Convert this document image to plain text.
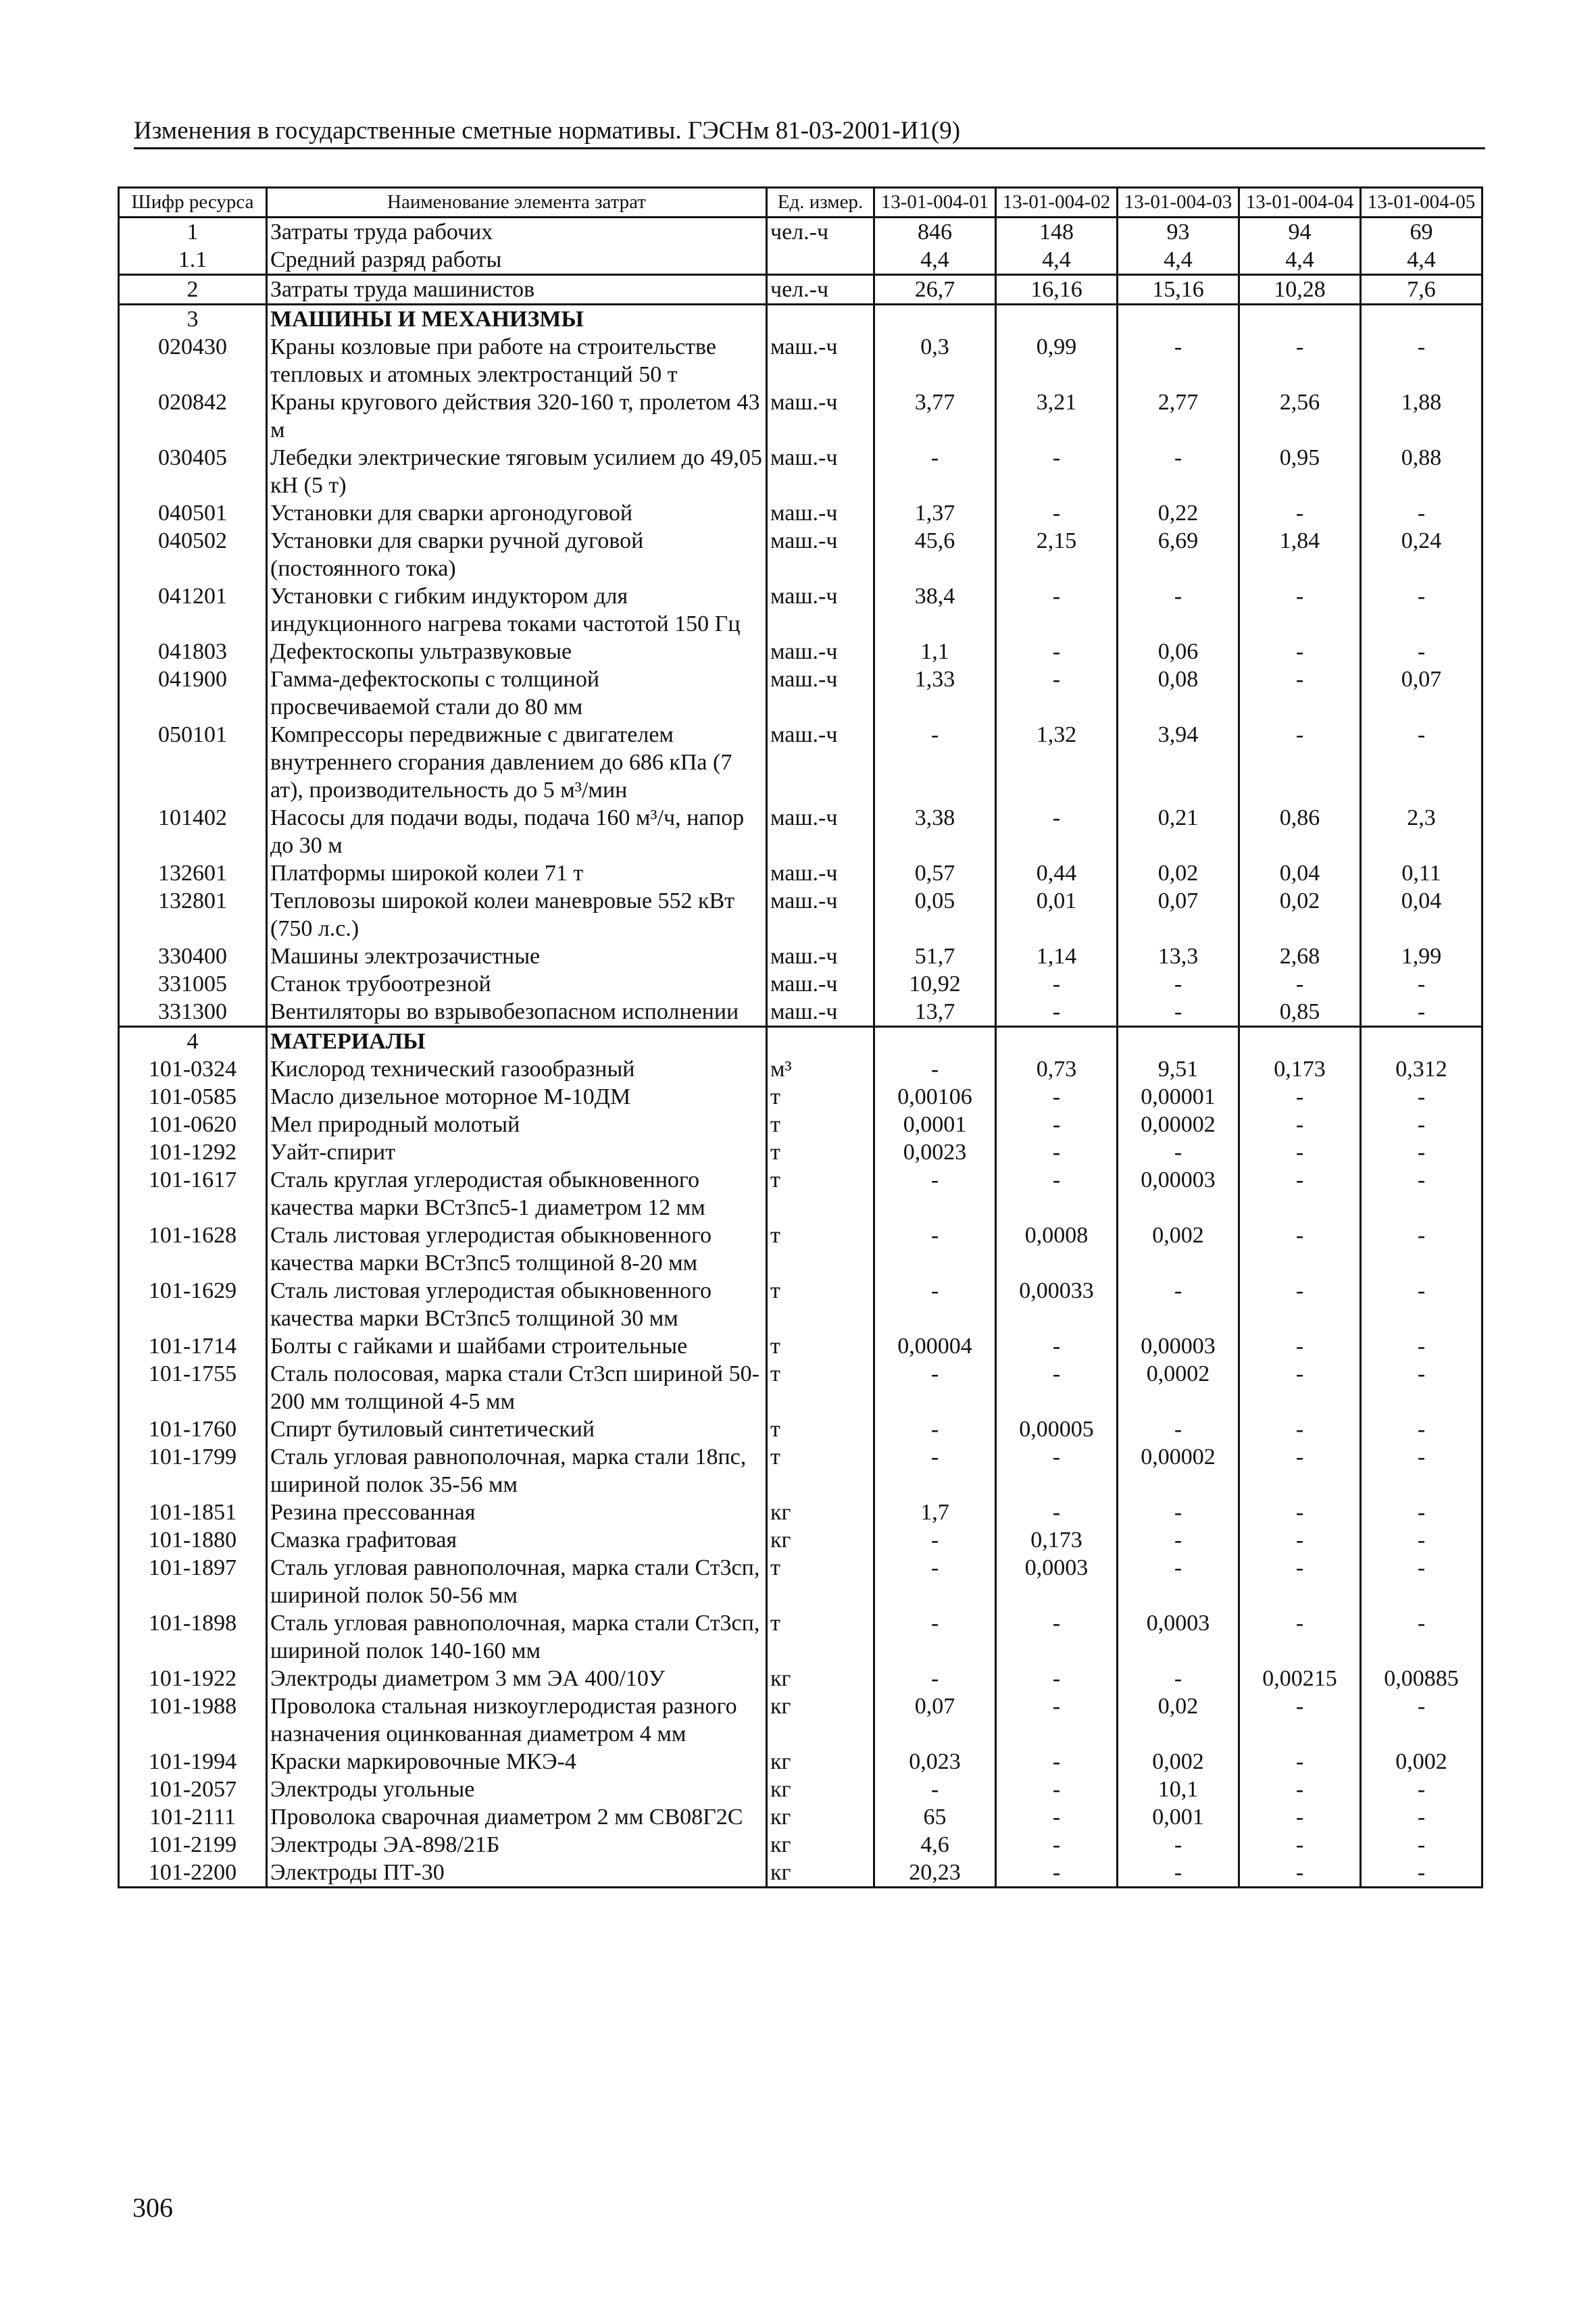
Изменения в государственные сметные нормативы. ГЭСНм 81-03-2001-И1(9)
Шифр ресурса	Наименование элемента затрат	Ед. измер.	13-01-004-01	13-01-004-02	13-01-004-03	13-01-004-04	13-01-004-05
1	Затраты труда рабочих	чел.-ч	846	148	93	94	69
1.1	Средний разряд работы		4,4	4,4	4,4	4,4	4,4
2	Затраты труда машинистов	чел.-ч	26,7	16,16	15,16	10,28	7,6
3	МАШИНЫ И МЕХАНИЗМЫ						
020430	Краны козловые при работе на строительстве тепловых и атомных электростанций 50 т	маш.-ч	0,3	0,99	-	-	-
020842	Краны кругового действия 320-160 т, пролетом 43 м	маш.-ч	3,77	3,21	2,77	2,56	1,88
030405	Лебедки электрические тяговым усилием до 49,05 кН (5 т)	маш.-ч	-	-	-	0,95	0,88
040501	Установки для сварки аргонодуговой	маш.-ч	1,37	-	0,22	-	-
040502	Установки для сварки ручной дуговой (постоянного тока)	маш.-ч	45,6	2,15	6,69	1,84	0,24
041201	Установки с гибким индуктором для индукционного нагрева токами частотой 150 Гц	маш.-ч	38,4	-	-	-	-
041803	Дефектоскопы ультразвуковые	маш.-ч	1,1	-	0,06	-	-
041900	Гамма-дефектоскопы с толщиной просвечиваемой стали до 80 мм	маш.-ч	1,33	-	0,08	-	0,07
050101	Компрессоры передвижные с двигателем внутреннего сгорания давлением до 686 кПа (7 ат), производительность до 5 м³/мин	маш.-ч	-	1,32	3,94	-	-
101402	Насосы для подачи воды, подача 160 м³/ч, напор до 30 м	маш.-ч	3,38	-	0,21	0,86	2,3
132601	Платформы широкой колеи 71 т	маш.-ч	0,57	0,44	0,02	0,04	0,11
132801	Тепловозы широкой колеи маневровые 552 кВт (750 л.с.)	маш.-ч	0,05	0,01	0,07	0,02	0,04
330400	Машины электрозачистные	маш.-ч	51,7	1,14	13,3	2,68	1,99
331005	Станок трубоотрезной	маш.-ч	10,92	-	-	-	-
331300	Вентиляторы во взрывобезопасном исполнении	маш.-ч	13,7	-	-	0,85	-
4	МАТЕРИАЛЫ						
101-0324	Кислород технический газообразный	м³	-	0,73	9,51	0,173	0,312
101-0585	Масло дизельное моторное М-10ДМ	т	0,00106	-	0,00001	-	-
101-0620	Мел природный молотый	т	0,0001	-	0,00002	-	-
101-1292	Уайт-спирит	т	0,0023	-	-	-	-
101-1617	Сталь круглая углеродистая обыкновенного качества марки ВСт3пс5-1 диаметром 12 мм	т	-	-	0,00003	-	-
101-1628	Сталь листовая углеродистая обыкновенного качества марки ВСт3пс5 толщиной 8-20 мм	т	-	0,0008	0,002	-	-
101-1629	Сталь листовая углеродистая обыкновенного качества марки ВСт3пс5 толщиной 30 мм	т	-	0,00033	-	-	-
101-1714	Болты с гайками и шайбами строительные	т	0,00004	-	0,00003	-	-
101-1755	Сталь полосовая, марка стали Ст3сп шириной 50-200 мм толщиной 4-5 мм	т	-	-	0,0002	-	-
101-1760	Спирт бутиловый синтетический	т	-	0,00005	-	-	-
101-1799	Сталь угловая равнополочная, марка стали 18пс, шириной полок 35-56 мм	т	-	-	0,00002	-	-
101-1851	Резина прессованная	кг	1,7	-	-	-	-
101-1880	Смазка графитовая	кг	-	0,173	-	-	-
101-1897	Сталь угловая равнополочная, марка стали Ст3сп, шириной полок 50-56 мм	т	-	0,0003	-	-	-
101-1898	Сталь угловая равнополочная, марка стали Ст3сп, шириной полок 140-160 мм	т	-	-	0,0003	-	-
101-1922	Электроды диаметром 3 мм ЭА 400/10У	кг	-	-	-	0,00215	0,00885
101-1988	Проволока стальная низкоуглеродистая разного назначения оцинкованная диаметром 4 мм	кг	0,07	-	0,02	-	-
101-1994	Краски маркировочные МКЭ-4	кг	0,023	-	0,002	-	0,002
101-2057	Электроды угольные	кг	-	-	10,1	-	-
101-2111	Проволока сварочная диаметром 2 мм СВ08Г2С	кг	65	-	0,001	-	-
101-2199	Электроды ЭА-898/21Б	кг	4,6	-	-	-	-
101-2200	Электроды ПТ-30	кг	20,23	-	-	-	-
306
